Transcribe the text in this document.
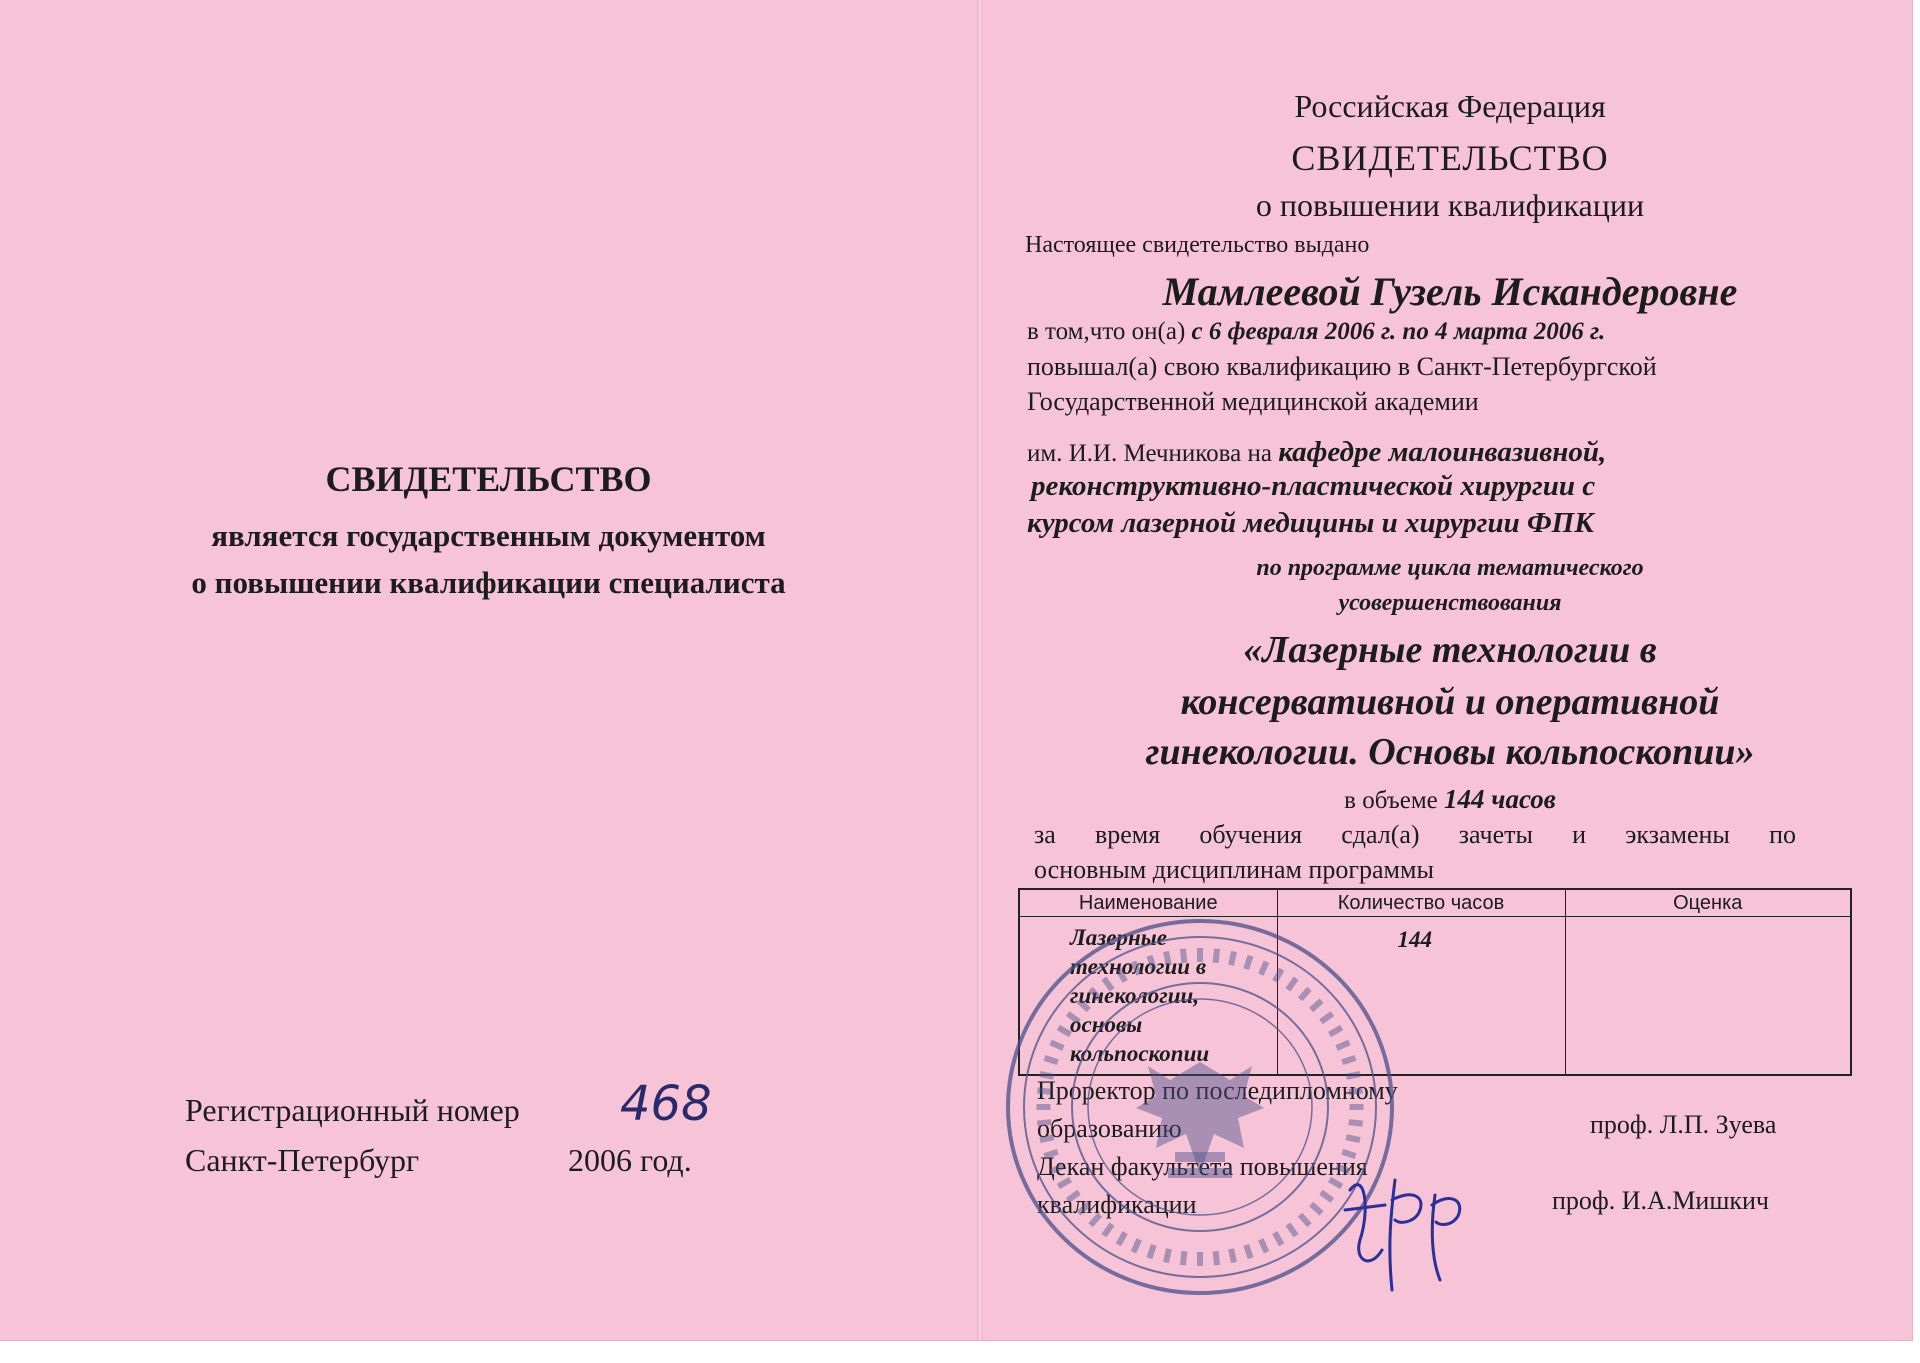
СВИДЕТЕЛЬСТВО
является государственным документом
о повышении квалификации специалиста
Регистрационный номер 468
Санкт-Петербург	2006 год.
Российская Федерация
СВИДЕТЕЛЬСТВО
о повышении квалификации
Настоящее свидетельство выдано
Мамлеевой Гузель Искандеровне
в том,что он(а) с 6 февраля 2006 г. по 4 марта 2006 г.
повышал(а) свою квалификацию в Санкт-Петербургской
Государственной медицинской академии
им. И.И. Мечникова на кафедре малоинвазивной,
реконструктивно-пластической хирургии с
курсом лазерной медицины и хирургии ФПК
по программе цикла тематического
усовершенствования
«Лазерные технологии в
консервативной и оперативной
гинекологии. Основы кольпоскопии»
в объеме 144 часов
за время обучения сдал(а) зачеты и экзамены по
основным дисциплинам программы
Наименование	Количество часов	Оценка
Лазерные технологии в гинекологии, основы кольпоскопии	144	
Проректор по последипломному
образованию	проф. Л.П. Зуева
Декан факультета повышения
квалификации	проф. И.А.Мишкич
